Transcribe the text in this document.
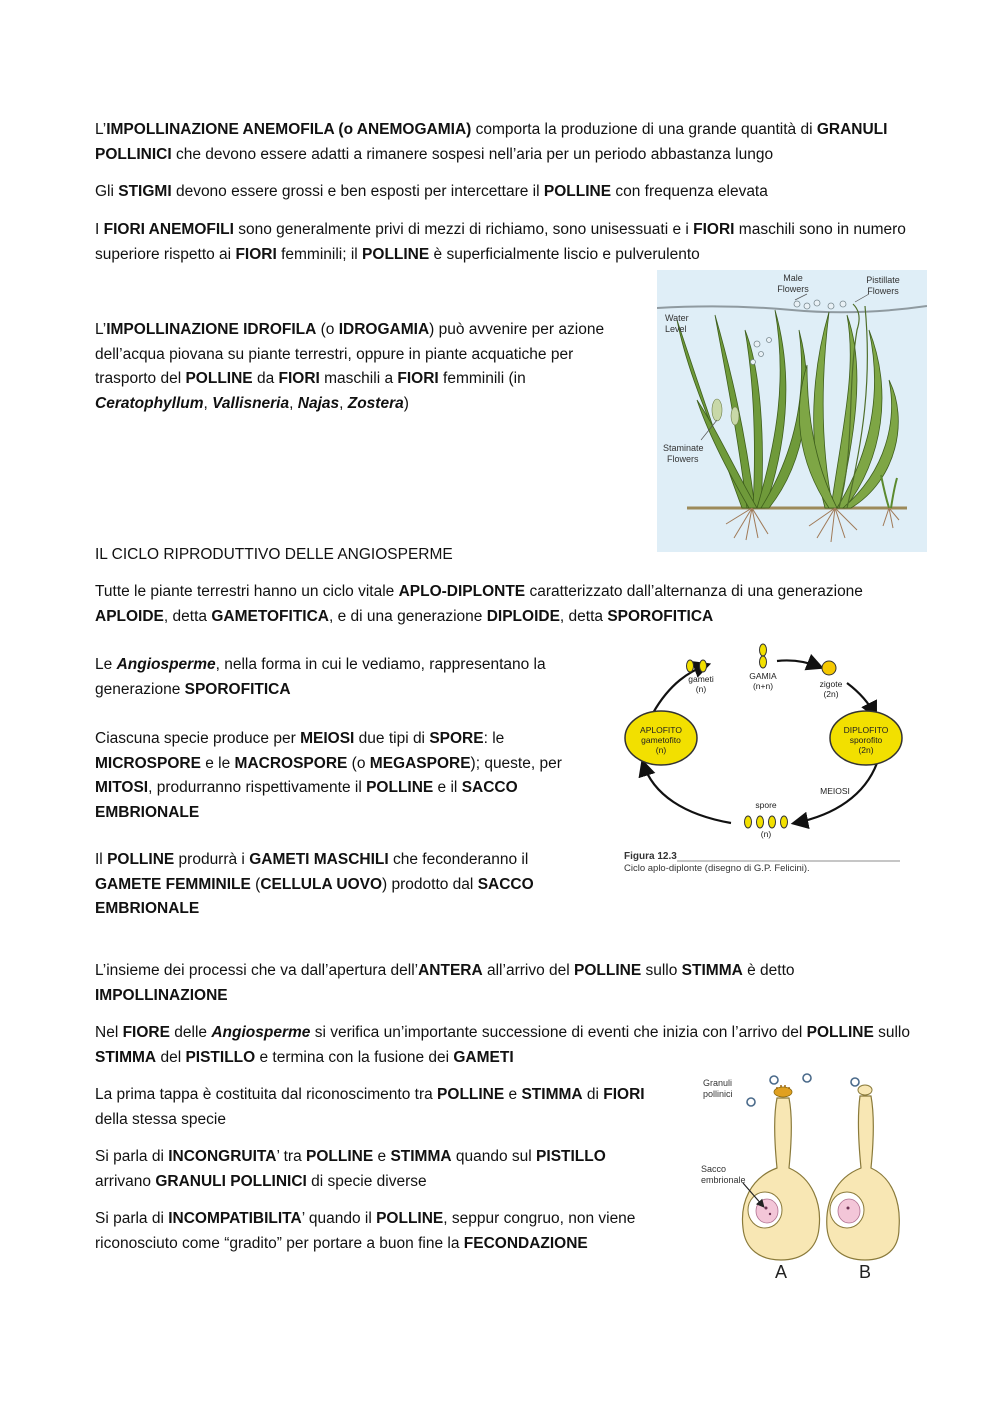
L’IMPOLLINAZIONE ANEMOFILA (o ANEMOGAMIA) comporta la produzione di una grande quantità di GRANULI POLLINICI che devono essere adatti a rimanere sospesi nell’aria per un periodo abbastanza lungo

Gli STIGMI devono essere grossi e ben esposti per intercettare il POLLINE con frequenza elevata

I FIORI ANEMOFILI sono generalmente privi di mezzi di richiamo, sono unisessuati e i FIORI maschili sono in numero superiore rispetto ai FIORI femminili; il POLLINE è superficialmente liscio e pulverulento

L’IMPOLLINAZIONE IDROFILA (o IDROGAMIA) può avvenire per azione dell’acqua piovana su piante terrestri, oppure in piante acquatiche per trasporto del POLLINE da FIORI maschili a FIORI femminili (in Ceratophyllum, Vallisneria, Najas, Zostera)

IL CICLO RIPRODUTTIVO DELLE ANGIOSPERME

Tutte le piante terrestri hanno un ciclo vitale APLO-DIPLONTE caratterizzato dall’alternanza di una generazione APLOIDE, detta GAMETOFITICA, e di una generazione DIPLOIDE, detta SPOROFITICA

Le Angiosperme, nella forma in cui le vediamo, rappresentano la generazione SPOROFITICA

Ciascuna specie produce per MEIOSI due tipi di SPORE: le MICROSPORE e le MACROSPORE (o MEGASPORE); queste, per MITOSI, produrranno rispettivamente il POLLINE e il SACCO EMBRIONALE

Il POLLINE produrrà i GAMETI MASCHILI che feconderanno il GAMETE FEMMINILE (CELLULA UOVO) prodotto dal SACCO EMBRIONALE

L’insieme dei processi che va dall’apertura dell’ANTERA all’arrivo del POLLINE sullo STIMMA è detto IMPOLLINAZIONE

Nel FIORE delle Angiosperme si verifica un’importante successione di eventi che inizia con l’arrivo del POLLINE sullo STIMMA del PISTILLO e termina con la fusione dei GAMETI

La prima tappa è costituita dal riconoscimento tra POLLINE e STIMMA di FIORI della stessa specie

Si parla di INCONGRUITA’ tra POLLINE e STIMMA quando sul PISTILLO arrivano GRANULI POLLINICI di specie diverse

Si parla di INCOMPATIBILITA’ quando il POLLINE, seppur congruo, non viene riconosciuto come “gradito” per portare a buon fine la FECONDAZIONE

Male
Flowers
Pistillate
Flowers
Water
Level
Staminate
Flowers
gameti
(n)
GAMIA
(n+n)	zigote
(2n)
APLOFITO
gametofito
(n)
DIPLOFITO
sporofito
(2n)
MEIOSI
spore
(n)
Figura 12.3
Ciclo aplo-diplonte (disegno di G.P. Felicini).
Granuli
pollinici
Sacco
embrionale
A	B
